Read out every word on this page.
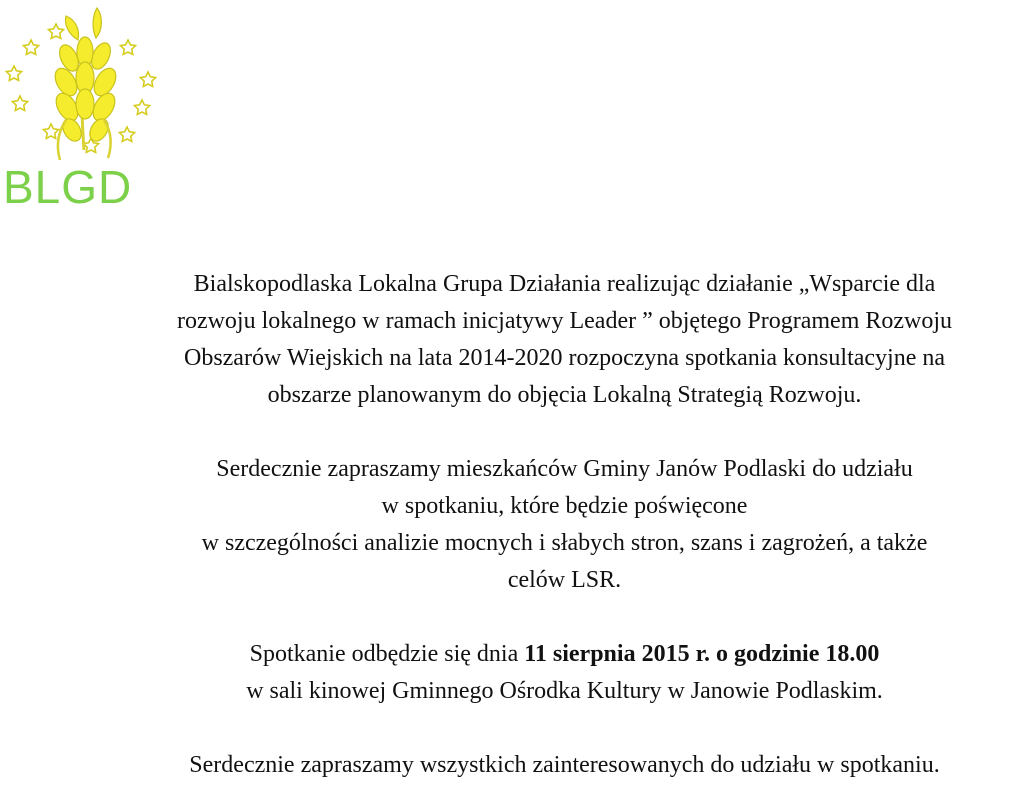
BLGD
Bialskopodlaska Lokalna Grupa Działania realizując działanie „Wsparcie dla
rozwoju lokalnego w ramach inicjatywy Leader ” objętego Programem Rozwoju
Obszarów Wiejskich na lata 2014-2020 rozpoczyna spotkania konsultacyjne na
obszarze planowanym do objęcia Lokalną Strategią Rozwoju.
Serdecznie zapraszamy mieszkańców Gminy Janów Podlaski do udziału
w spotkaniu, które będzie poświęcone
w szczególności analizie mocnych i słabych stron, szans i zagrożeń, a także
celów LSR.
Spotkanie odbędzie się dnia 11 sierpnia 2015 r. o godzinie 18.00
w sali kinowej Gminnego Ośrodka Kultury w Janowie Podlaskim.
Serdecznie zapraszamy wszystkich zainteresowanych do udziału w spotkaniu.
